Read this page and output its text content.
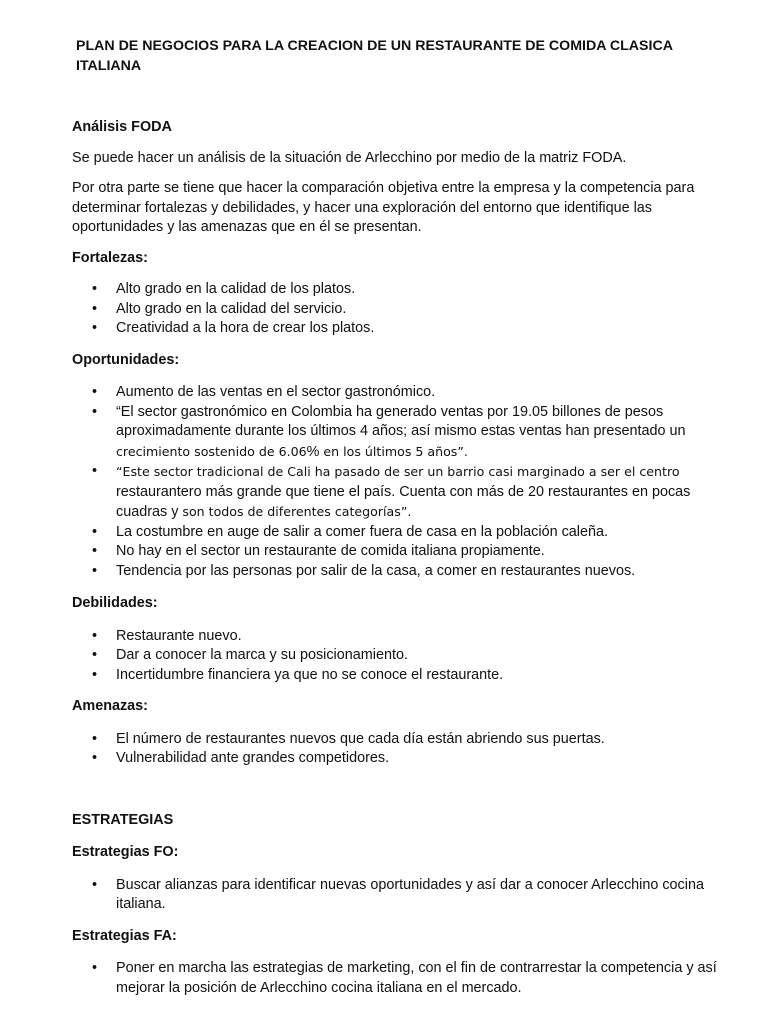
PLAN DE NEGOCIOS PARA LA CREACION DE UN RESTAURANTE DE COMIDA CLASICA ITALIANA
Análisis FODA

Se puede hacer un análisis de la situación de Arlecchino por medio de la matriz FODA.

Por otra parte se tiene que hacer la comparación objetiva entre la empresa y la competencia para determinar fortalezas y debilidades, y hacer una exploración del entorno que identifique las oportunidades y las amenazas que en él se presentan.

Fortalezas:
• Alto grado en la calidad de los platos.
• Alto grado en la calidad del servicio.
• Creatividad a la hora de crear los platos.
Oportunidades:
• Aumento de las ventas en el sector gastronómico.
• “El sector gastronómico en Colombia ha generado ventas por 19.05 billones de pesos aproximadamente durante los últimos 4 años; así mismo estas ventas han presentado un crecimiento sostenido de 6.06% en los últimos 5 años”.
• “Este sector tradicional de Cali ha pasado de ser un barrio casi marginado a ser el centro restaurantero más grande que tiene el país. Cuenta con más de 20 restaurantes en pocas cuadras y son todos de diferentes categorías”.
• La costumbre en auge de salir a comer fuera de casa en la población caleña.
• No hay en el sector un restaurante de comida italiana propiamente.
• Tendencia por las personas por salir de la casa, a comer en restaurantes nuevos.
Debilidades:
• Restaurante nuevo.
• Dar a conocer la marca y su posicionamiento.
• Incertidumbre financiera ya que no se conoce el restaurante.
Amenazas:
• El número de restaurantes nuevos que cada día están abriendo sus puertas.
• Vulnerabilidad ante grandes competidores.
ESTRATEGIAS
Estrategias FO:
• Buscar alianzas para identificar nuevas oportunidades y así dar a conocer Arlecchino cocina italiana.
Estrategias FA:
• Poner en marcha las estrategias de marketing, con el fin de contrarrestar la competencia y así mejorar la posición de Arlecchino cocina italiana en el mercado.
